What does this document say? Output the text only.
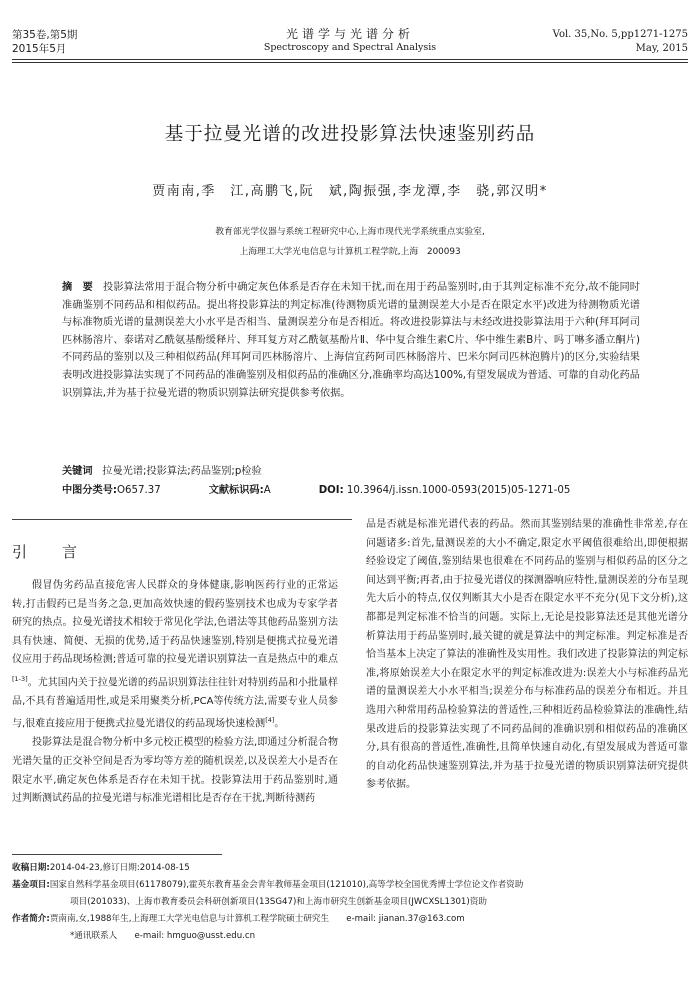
第35卷,第5期
2015年5月
光谱学与光谱分析
Spectroscopy and Spectral Analysis
Vol. 35,No. 5,pp1271-1275
May, 2015
基于拉曼光谱的改进投影算法快速鉴别药品
贾南南,季　江,高鹏飞,阮　斌,陶振强,李龙潭,李　骁,郭汉明*
教育部光学仪器与系统工程研究中心,上海市现代光学系统重点实验室,
上海理工大学光电信息与计算机工程学院,上海　200093
摘　要 投影算法常用于混合物分析中确定灰色体系是否存在未知干扰,而在用于药品鉴别时,由于其判定标准不充分,故不能同时准确鉴别不同药品和相似药品。提出将投影算法的判定标准(待测物质光谱的量测误差大小是否在限定水平)改进为待测物质光谱与标准物质光谱的量测误差大小水平是否相当、量测误差分布是否相近。将改进投影算法与未经改进投影算法用于六种(拜耳阿司匹林肠溶片、泰诺对乙酰氨基酚缓释片、拜耳复方对乙酰氨基酚片Ⅱ、华中复合维生素C片、华中维生素B片、吗丁啉多潘立酮片)不同药品的鉴别以及三种相似药品(拜耳阿司匹林肠溶片、上海信宜药阿司匹林肠溶片、巴米尔阿司匹林泡腾片)的区分,实验结果表明改进投影算法实现了不同药品的准确鉴别及相似药品的准确区分,准确率均高达100%,有望发展成为普适、可靠的自动化药品识别算法,并为基于拉曼光谱的物质识别算法研究提供参考依据。
关键词 拉曼光谱;投影算法;药品鉴别;p检验
中图分类号:O657.37	文献标识码:A	DOI: 10.3964/j.issn.1000-0593(2015)05-1271-05
引　言

假冒伪劣药品直接危害人民群众的身体健康,影响医药行业的正常运转,打击假药已是当务之急,更加高效快速的假药鉴别技术也成为专家学者研究的热点。拉曼光谱技术相较于常见化学法,色谱法等其他药品鉴别方法具有快速、简便、无损的优势,适于药品快速鉴别,特别是便携式拉曼光谱仪应用于药品现场检测;普适可靠的拉曼光谱识别算法一直是热点中的难点[1-3]。尤其国内关于拉曼光谱的药品识别算法往往针对特别药品和小批量样品,不具有普遍适用性,或是采用聚类分析,PCA等传统方法,需要专业人员参与,很难直接应用于便携式拉曼光谱仪的药品现场快速检测[4]。

投影算法是混合物分析中多元校正模型的检验方法,即通过分析混合物光谱矢量的正交补空间是否为零均等方差的随机误差,以及误差大小是否在限定水平,确定灰色体系是否存在未知干扰。投影算法用于药品鉴别时,通过判断测试药品的拉曼光谱与标准光谱相比是否存在干扰,判断待测药

品是否就是标准光谱代表的药品。然而其鉴别结果的准确性非常差,存在问题诸多:首先,量测误差的大小不确定,限定水平阈值很难给出,即便根据经验设定了阈值,鉴别结果也很难在不同药品的鉴别与相似药品的区分之间达到平衡;再者,由于拉曼光谱仪的探测器响应特性,量测误差的分布呈现先大后小的特点,仅仅判断其大小是否在限定水平不充分(见下文分析),这都都是判定标准不恰当的问题。实际上,无论是投影算法还是其他光谱分析算法用于药品鉴别时,最关键的就是算法中的判定标准。判定标准是否恰当基本上决定了算法的准确性及实用性。我们改进了投影算法的判定标准,将原始误差大小在限定水平的判定标准改进为:误差大小与标准药品光谱的量测误差大小水平相当;误差分布与标准药品的误差分布相近。并且选用六种常用药品检验算法的普适性,三种相近药品检验算法的准确性,结果改进后的投影算法实现了不同药品间的准确识别和相似药品的准确区分,具有很高的普适性,准确性,且简单快速自动化,有望发展成为普适可靠的自动化药品快速鉴别算法,并为基于拉曼光谱的物质识别算法研究提供参考依据。

收稿日期:2014-04-23,修订日期:2014-08-15
基金项目:国家自然科学基金项目(61178079),霍英东教育基金会青年教师基金项目(121010),高等学校全国优秀博士学位论文作者资助
项目(201033)、上海市教育委员会科研创新项目(13SG47)和上海市研究生创新基金项目(JWCXSL1301)资助
作者简介:贾南南,女,1988年生,上海理工大学光电信息与计算机工程学院硕士研究生　　e-mail: jianan.37@163.com
*通讯联系人　　e-mail: hmguo@usst.edu.cn
